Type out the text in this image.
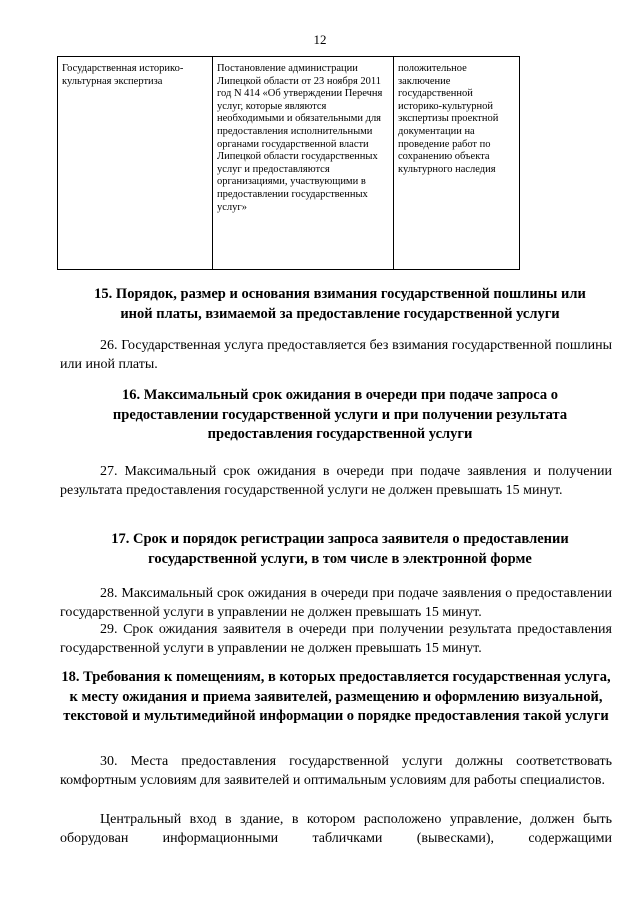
12
Государственная историко-культурная экспертиза	Постановление администрации Липецкой области от 23 ноября 2011 год N 414 «Об утверждении Перечня услуг, которые являются необходимыми и обязательными для предоставления исполнительными органами государственной власти Липецкой области государственных услуг и предоставляются организациями, участвующими в предоставлении государственных услуг»	положительное заключение государственной историко-культурной экспертизы проектной документации на проведение работ по сохранению объекта культурного наследия
15. Порядок, размер и основания взимания государственной пошлины или иной платы, взимаемой за предоставление государственной услуги
26. Государственная услуга предоставляется без взимания государственной пошлины или иной платы.
16. Максимальный срок ожидания в очереди при подаче запроса о предоставлении государственной услуги и при получении результата предоставления государственной услуги
27. Максимальный срок ожидания в очереди при подаче заявления и получении результата предоставления государственной услуги не должен превышать 15 минут.
17. Срок и порядок регистрации запроса заявителя о предоставлении государственной услуги, в том числе в электронной форме
28. Максимальный срок ожидания в очереди при подаче заявления о предоставлении государственной услуги в управлении не должен превышать 15 минут.
29. Срок ожидания заявителя в очереди при получении результата предоставления государственной услуги в управлении не должен превышать 15 минут.
18. Требования к помещениям, в которых предоставляется государственная услуга, к месту ожидания и приема заявителей, размещению и оформлению визуальной, текстовой и мультимедийной информации о порядке предоставления такой услуги
30. Места предоставления государственной услуги должны соответствовать комфортным условиям для заявителей и оптимальным условиям для работы специалистов.
Центральный вход в здание, в котором расположено управление, должен быть оборудован информационными табличками (вывесками), содержащими
